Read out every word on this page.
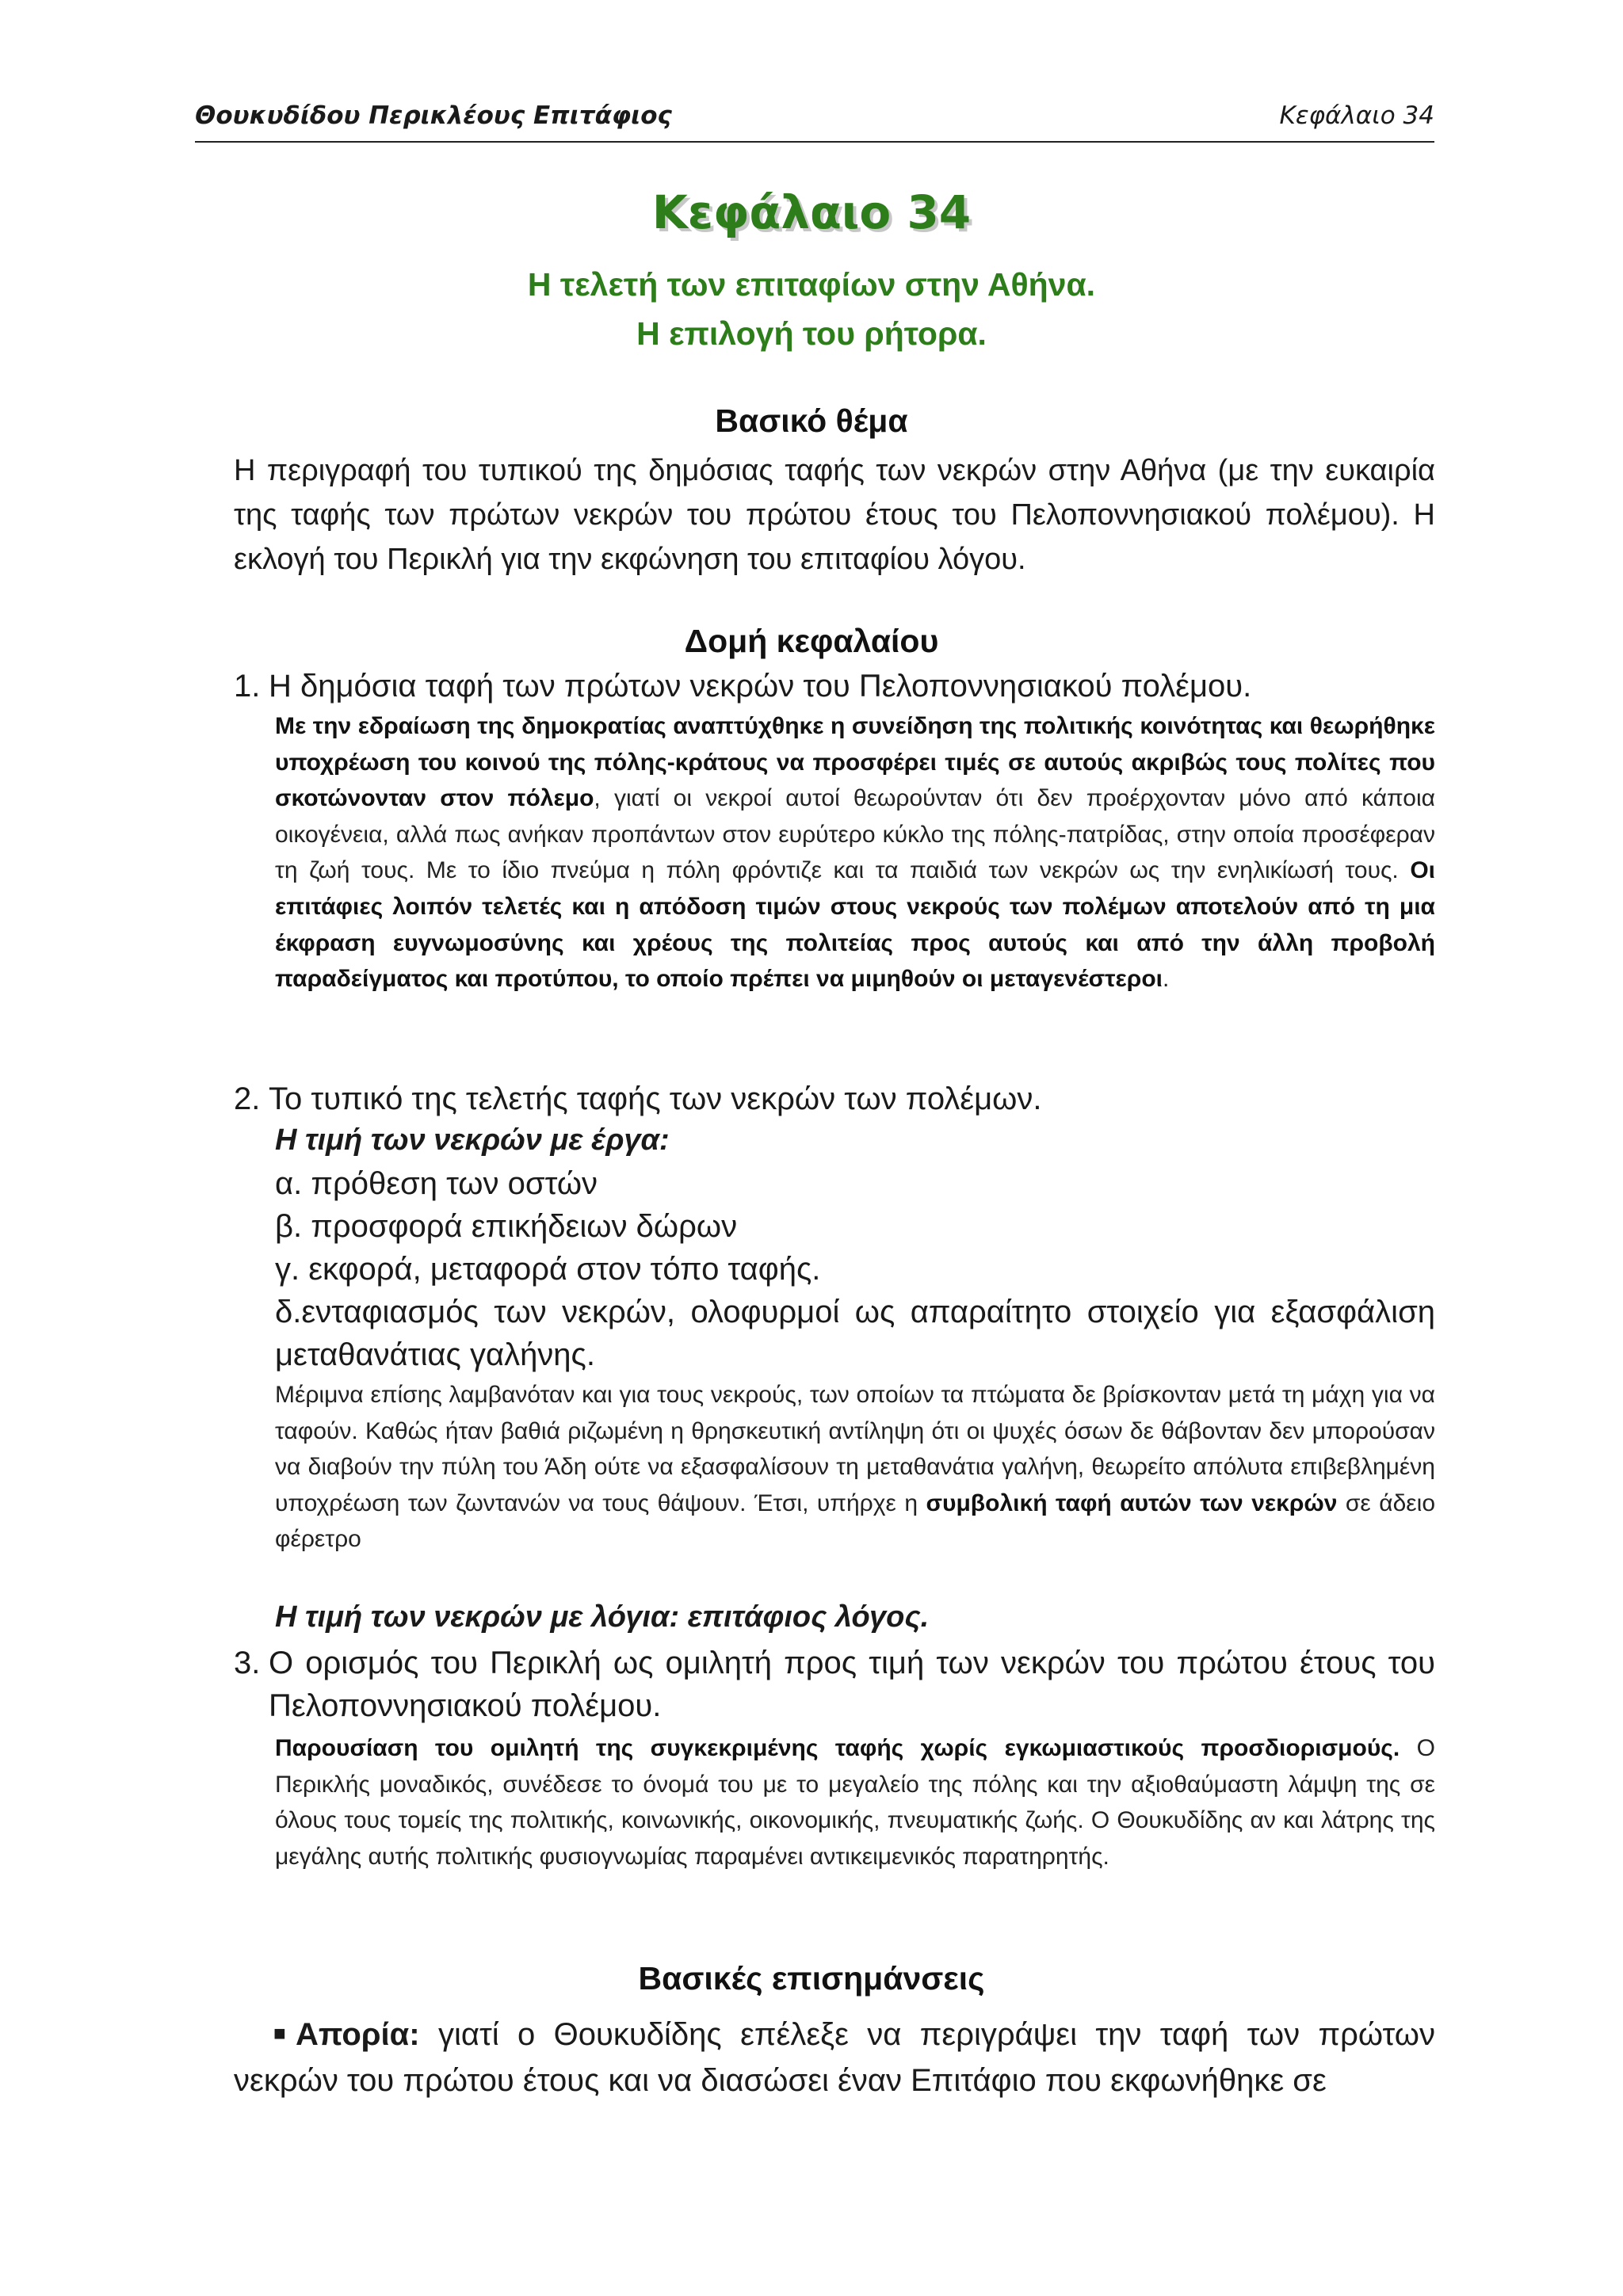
Θουκυδίδου Περικλέους Επιτάφιος	Κεφάλαιο 34
Κεφάλαιο 34
Η τελετή των επιταφίων στην Αθήνα.
Η επιλογή του ρήτορα.
Βασικό θέμα
Η περιγραφή του τυπικού της δημόσιας ταφής των νεκρών στην Αθήνα (με την ευκαιρία της ταφής των πρώτων νεκρών του πρώτου έτους του Πελοποννησιακού πολέμου). Η εκλογή του Περικλή για την εκφώνηση του επιταφίου λόγου.
Δομή κεφαλαίου
1. Η δημόσια ταφή των πρώτων νεκρών του Πελοποννησιακού πολέμου.
Με την εδραίωση της δημοκρατίας αναπτύχθηκε η συνείδηση της πολιτικής κοινότητας και θεωρήθηκε υποχρέωση του κοινού της πόλης-κράτους να προσφέρει τιμές σε αυτούς ακριβώς τους πολίτες που σκοτώνονταν στον πόλεμο, γιατί οι νεκροί αυτοί θεωρούνταν ότι δεν προέρχονταν μόνο από κάποια οικογένεια, αλλά πως ανήκαν προπάντων στον ευρύτερο κύκλο της πόλης-πατρίδας, στην οποία προσέφεραν τη ζωή τους. Με το ίδιο πνεύμα η πόλη φρόντιζε και τα παιδιά των νεκρών ως την ενηλικίωσή τους. Οι επιτάφιες λοιπόν τελετές και η απόδοση τιμών στους νεκρούς των πολέμων αποτελούν από τη μια έκφραση ευγνωμοσύνης και χρέους της πολιτείας προς αυτούς και από την άλλη προβολή παραδείγματος και προτύπου, το οποίο πρέπει να μιμηθούν οι μεταγενέστεροι.
2. Το τυπικό της τελετής ταφής των νεκρών των πολέμων.
Η τιμή των νεκρών με έργα:
α. πρόθεση των οστών
β. προσφορά επικήδειων δώρων
γ. εκφορά, μεταφορά στον τόπο ταφής.
δ.ενταφιασμός των νεκρών, ολοφυρμοί ως απαραίτητο στοιχείο για εξασφάλιση μεταθανάτιας γαλήνης.
Μέριμνα επίσης λαμβανόταν και για τους νεκρούς, των οποίων τα πτώματα δε βρίσκονταν μετά τη μάχη για να ταφούν. Καθώς ήταν βαθιά ριζωμένη η θρησκευτική αντίληψη ότι οι ψυχές όσων δε θάβονταν δεν μπορούσαν να διαβούν την πύλη του Άδη ούτε να εξασφαλίσουν τη μεταθανάτια γαλήνη, θεωρείτο απόλυτα επιβεβλημένη υποχρέωση των ζωντανών να τους θάψουν. Έτσι, υπήρχε η συμβολική ταφή αυτών των νεκρών σε άδειο φέρετρο
Η τιμή των νεκρών με λόγια: επιτάφιος λόγος.
3. Ο ορισμός του Περικλή ως ομιλητή προς τιμή των νεκρών του πρώτου έτους του Πελοποννησιακού πολέμου.
Παρουσίαση του ομιλητή της συγκεκριμένης ταφής χωρίς εγκωμιαστικούς προσδιορισμούς. Ο Περικλής μοναδικός, συνέδεσε το όνομά του με το μεγαλείο της πόλης και την αξιοθαύμαστη λάμψη της σε όλους τους τομείς της πολιτικής, κοινωνικής, οικονομικής, πνευματικής ζωής. Ο Θουκυδίδης αν και λάτρης της μεγάλης αυτής πολιτικής φυσιογνωμίας παραμένει αντικειμενικός παρατηρητής.
Βασικές επισημάνσεις
■Απορία: γιατί ο Θουκυδίδης επέλεξε να περιγράψει την ταφή των πρώτων νεκρών του πρώτου έτους και να διασώσει έναν Επιτάφιο που εκφωνήθηκε σε
